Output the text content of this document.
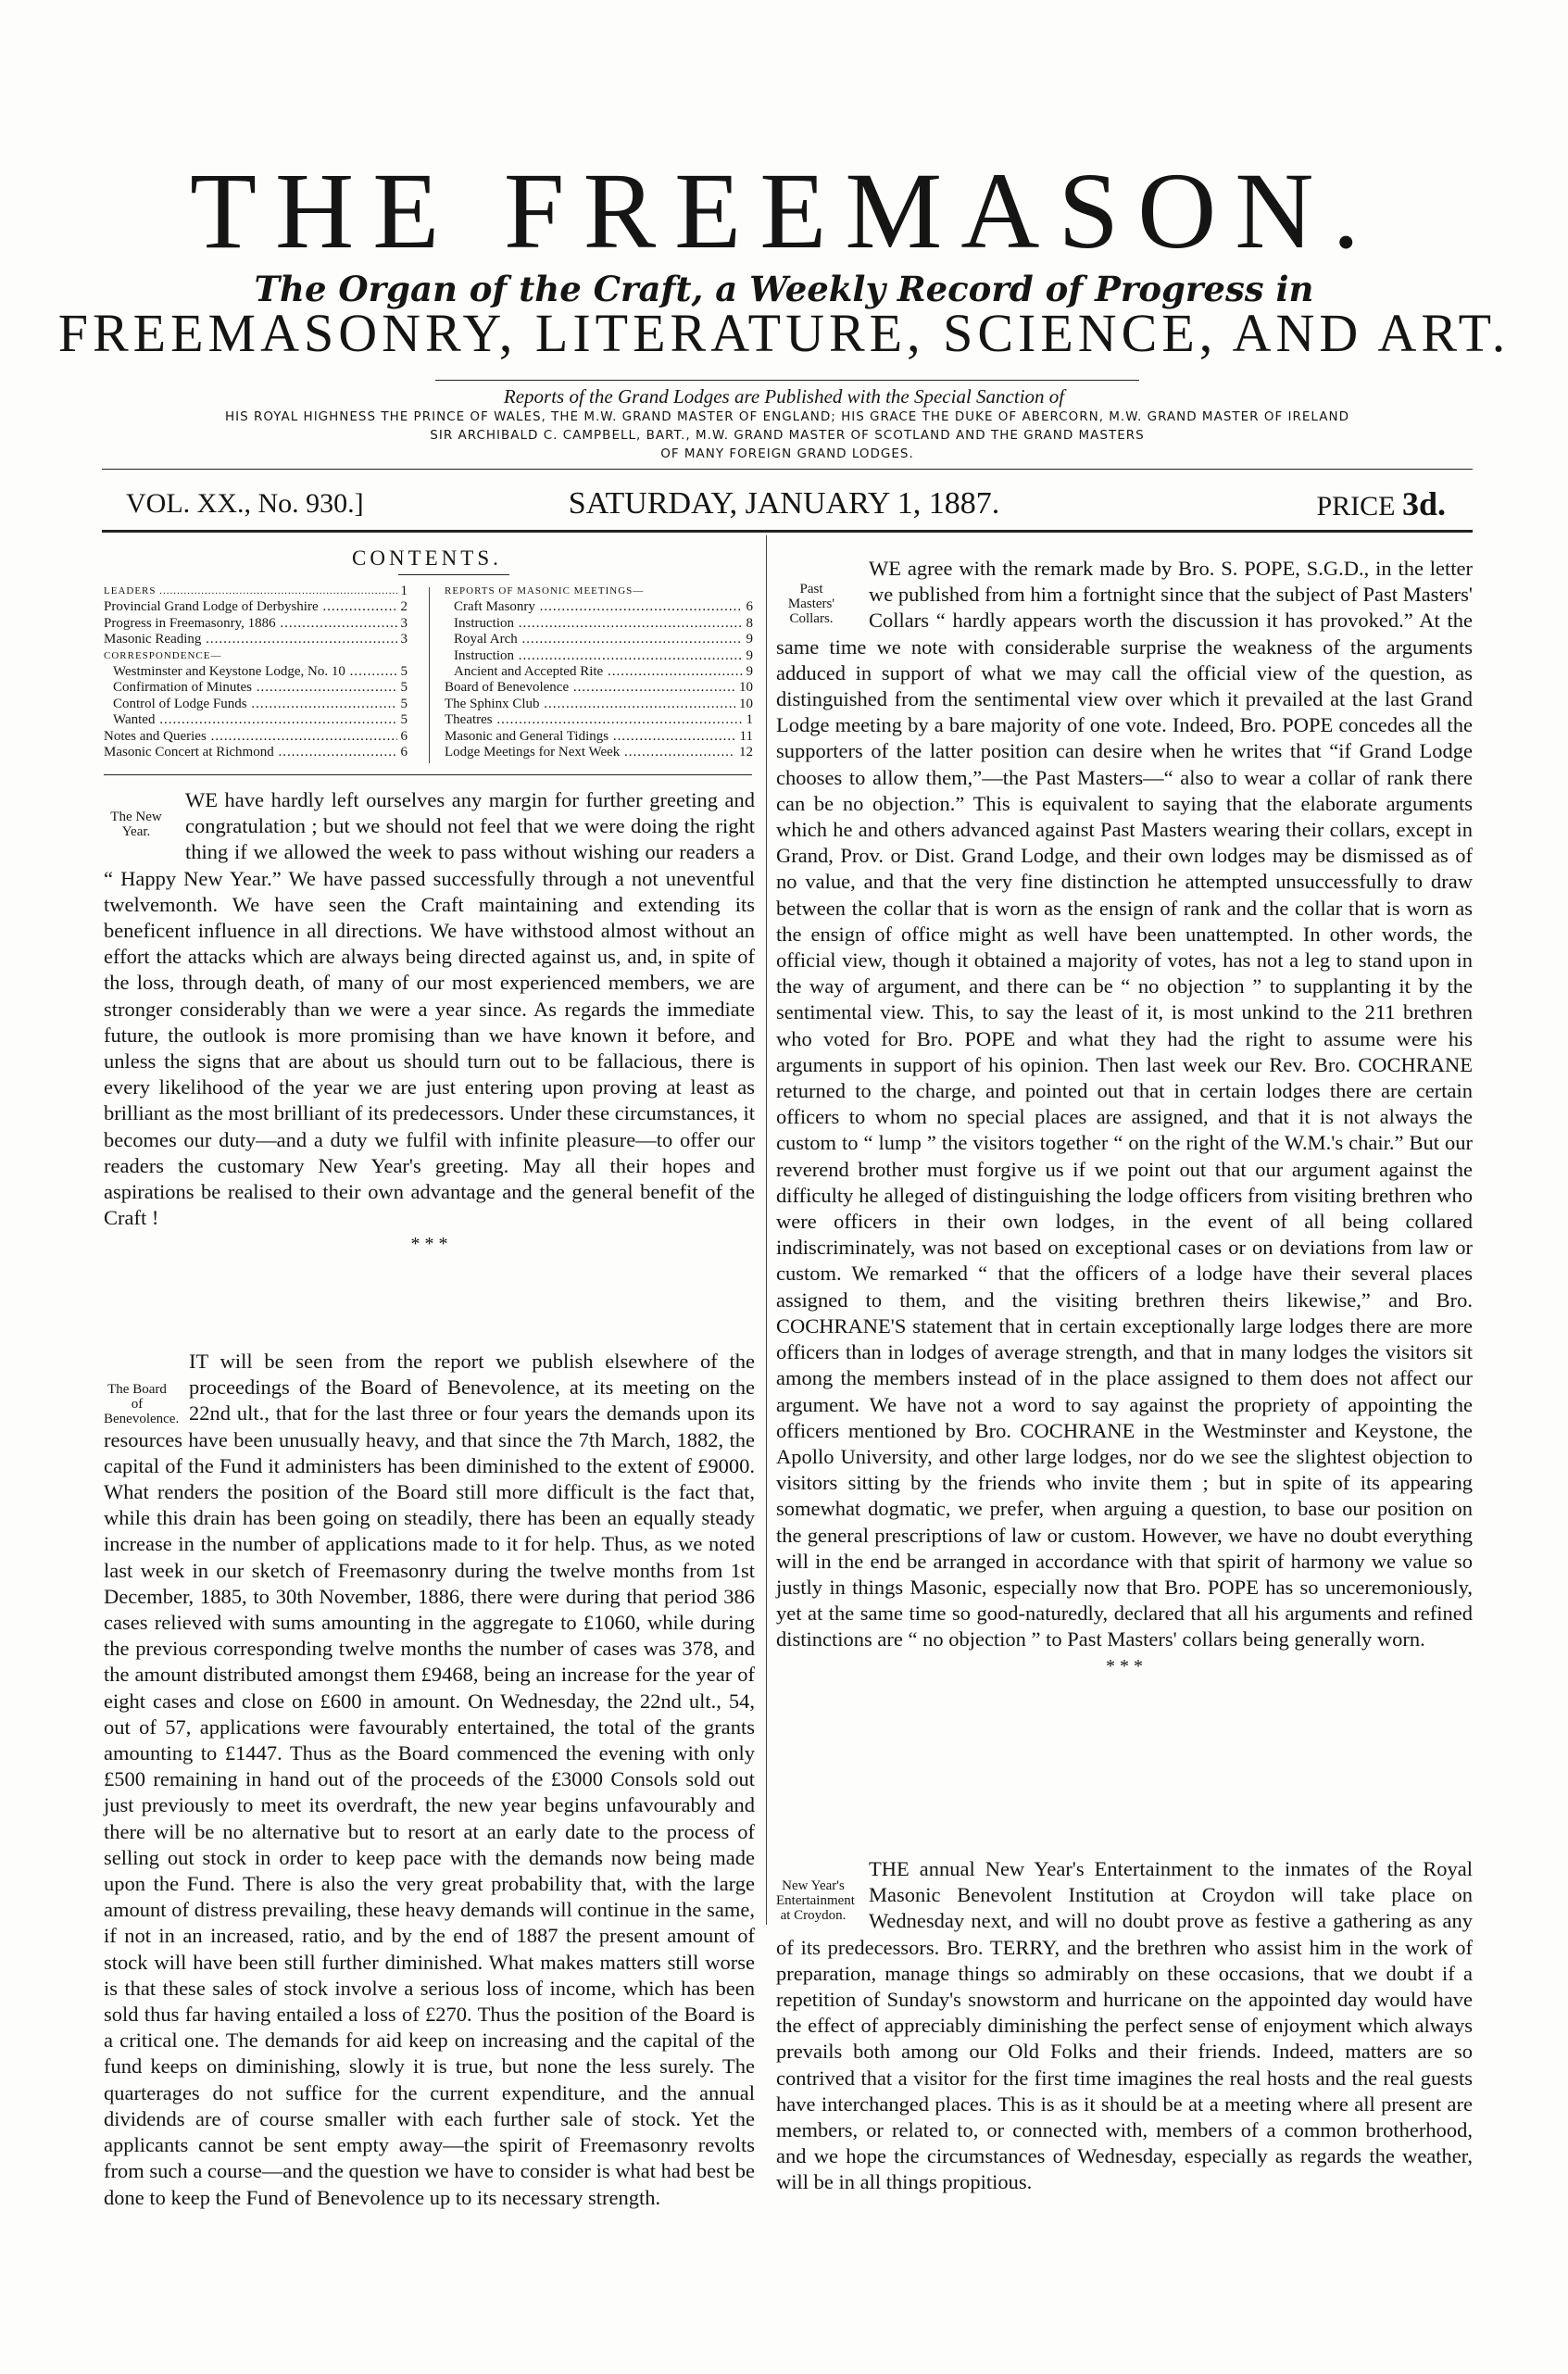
THE FREEMASON.
The Organ of the Craft, a Weekly Record of Progress in
FREEMASONRY, LITERATURE, SCIENCE, AND ART.
Reports of the Grand Lodges are Published with the Special Sanction of
HIS ROYAL HIGHNESS THE PRINCE OF WALES, THE M.W. GRAND MASTER OF ENGLAND; HIS GRACE THE DUKE OF ABERCORN, M.W. GRAND MASTER OF IRELAND
SIR ARCHIBALD C. CAMPBELL, BART., M.W. GRAND MASTER OF SCOTLAND AND THE GRAND MASTERS
OF MANY FOREIGN GRAND LODGES.
VOL. XX., No. 930.]	SATURDAY, JANUARY 1, 1887.	PRICE 3d.
CONTENTS.
LEADERS .....	1
Provincial Grand Lodge of Derbyshire .....	2
Progress in Freemasonry, 1886 .....	3
Masonic Reading .....	3
CORRESPONDENCE—
Westminster and Keystone Lodge, No. 10 .....	5
Confirmation of Minutes .....	5
Control of Lodge Funds .....	5
Wanted .....	5
Notes and Queries .....	6
Masonic Concert at Richmond .....	6
REPORTS OF MASONIC MEETINGS—
Craft Masonry .....	6
Instruction .....	8
Royal Arch .....	9
Instruction .....	9
Ancient and Accepted Rite .....	9
Board of Benevolence .....	10
The Sphinx Club .....	10
Theatres .....	1
Masonic and General Tidings .....	11
Lodge Meetings for Next Week .....	12
The New Year.

WE have hardly left ourselves any margin for further greeting and congratulation ; but we should not feel that we were doing the right thing if we allowed the week to pass without wishing our readers a “ Happy New Year.” We have passed successfully through a not uneventful twelvemonth. We have seen the Craft maintaining and extending its beneficent influence in all directions. We have withstood almost without an effort the attacks which are always being directed against us, and, in spite of the loss, through death, of many of our most experienced members, we are stronger considerably than we were a year since. As regards the immediate future, the outlook is more promising than we have known it before, and unless the signs that are about us should turn out to be fallacious, there is every likelihood of the year we are just entering upon proving at least as brilliant as the most brilliant of its predecessors. Under these circumstances, it becomes our duty—and a duty we fulfil with infinite pleasure—to offer our readers the customary New Year's greeting. May all their hopes and aspirations be realised to their own advantage and the general benefit of the Craft !

* * *
The Board of Benevolence.

IT will be seen from the report we publish elsewhere of the proceedings of the Board of Benevolence, at its meeting on the 22nd ult., that for the last three or four years the demands upon its resources have been unusually heavy, and that since the 7th March, 1882, the capital of the Fund it administers has been diminished to the extent of £9000. What renders the position of the Board still more difficult is the fact that, while this drain has been going on steadily, there has been an equally steady increase in the number of applications made to it for help. Thus, as we noted last week in our sketch of Freemasonry during the twelve months from 1st December, 1885, to 30th November, 1886, there were during that period 386 cases relieved with sums amounting in the aggregate to £1060, while during the previous corresponding twelve months the number of cases was 378, and the amount distributed amongst them £9468, being an increase for the year of eight cases and close on £600 in amount. On Wednesday, the 22nd ult., 54, out of 57, applications were favourably entertained, the total of the grants amounting to £1447. Thus as the Board commenced the evening with only £500 remaining in hand out of the proceeds of the £3000 Consols sold out just previously to meet its overdraft, the new year begins unfavourably and there will be no alternative but to resort at an early date to the process of selling out stock in order to keep pace with the demands now being made upon the Fund. There is also the very great probability that, with the large amount of distress prevailing, these heavy demands will continue in the same, if not in an increased, ratio, and by the end of 1887 the present amount of stock will have been still further diminished. What makes matters still worse is that these sales of stock involve a serious loss of income, which has been sold thus far having entailed a loss of £270. Thus the position of the Board is a critical one. The demands for aid keep on increasing and the capital of the fund keeps on diminishing, slowly it is true, but none the less surely. The quarterages do not suffice for the current expenditure, and the annual dividends are of course smaller with each further sale of stock. Yet the applicants cannot be sent empty away—the spirit of Freemasonry revolts from such a course—and the question we have to consider is what had best be done to keep the Fund of Benevolence up to its necessary strength.

Past Masters' Collars.

WE agree with the remark made by Bro. S. POPE, S.G.D., in the letter we published from him a fortnight since that the subject of Past Masters' Collars “ hardly appears worth the discussion it has provoked.” At the same time we note with considerable surprise the weakness of the arguments adduced in support of what we may call the official view of the question, as distinguished from the sentimental view over which it prevailed at the last Grand Lodge meeting by a bare majority of one vote. Indeed, Bro. POPE concedes all the supporters of the latter position can desire when he writes that “if Grand Lodge chooses to allow them,”—the Past Masters—“ also to wear a collar of rank there can be no objection.” This is equivalent to saying that the elaborate arguments which he and others advanced against Past Masters wearing their collars, except in Grand, Prov. or Dist. Grand Lodge, and their own lodges may be dismissed as of no value, and that the very fine distinction he attempted unsuccessfully to draw between the collar that is worn as the ensign of rank and the collar that is worn as the ensign of office might as well have been unattempted. In other words, the official view, though it obtained a majority of votes, has not a leg to stand upon in the way of argument, and there can be “ no objection ” to supplanting it by the sentimental view. This, to say the least of it, is most unkind to the 211 brethren who voted for Bro. POPE and what they had the right to assume were his arguments in support of his opinion. Then last week our Rev. Bro. COCHRANE returned to the charge, and pointed out that in certain lodges there are certain officers to whom no special places are assigned, and that it is not always the custom to “ lump ” the visitors together “ on the right of the W.M.'s chair.” But our reverend brother must forgive us if we point out that our argument against the difficulty he alleged of distinguishing the lodge officers from visiting brethren who were officers in their own lodges, in the event of all being collared indiscriminately, was not based on exceptional cases or on deviations from law or custom. We remarked “ that the officers of a lodge have their several places assigned to them, and the visiting brethren theirs likewise,” and Bro. COCHRANE'S statement that in certain exceptionally large lodges there are more officers than in lodges of average strength, and that in many lodges the visitors sit among the members instead of in the place assigned to them does not affect our argument. We have not a word to say against the propriety of appointing the officers mentioned by Bro. COCHRANE in the Westminster and Keystone, the Apollo University, and other large lodges, nor do we see the slightest objection to visitors sitting by the friends who invite them ; but in spite of its appearing somewhat dogmatic, we prefer, when arguing a question, to base our position on the general prescriptions of law or custom. However, we have no doubt everything will in the end be arranged in accordance with that spirit of harmony we value so justly in things Masonic, especially now that Bro. POPE has so unceremoniously, yet at the same time so good-naturedly, declared that all his arguments and refined distinctions are “ no objection ” to Past Masters' collars being generally worn.

* * *
New Year's Entertainment at Croydon.

THE annual New Year's Entertainment to the inmates of the Royal Masonic Benevolent Institution at Croydon will take place on Wednesday next, and will no doubt prove as festive a gathering as any of its predecessors. Bro. TERRY, and the brethren who assist him in the work of preparation, manage things so admirably on these occasions, that we doubt if a repetition of Sunday's snowstorm and hurricane on the appointed day would have the effect of appreciably diminishing the perfect sense of enjoyment which always prevails both among our Old Folks and their friends. Indeed, matters are so contrived that a visitor for the first time imagines the real hosts and the real guests have interchanged places. This is as it should be at a meeting where all present are members, or related to, or connected with, members of a common brotherhood, and we hope the circumstances of Wednesday, especially as regards the weather, will be in all things propitious.
